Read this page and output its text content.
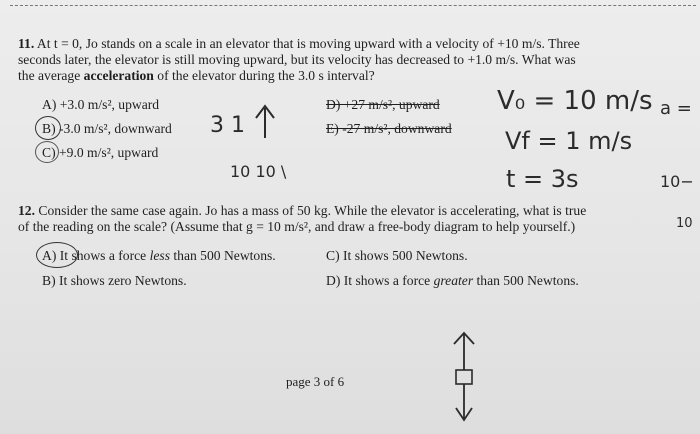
11. At t = 0, Jo stands on a scale in an elevator that is moving upward with a velocity of +10 m/s. Three
seconds later, the elevator is still moving upward, but its velocity has decreased to +1.0 m/s. What was
the average acceleration of the elevator during the 3.0 s interval?
A) +3.0 m/s², upward
B) -3.0 m/s², downward
C) +9.0 m/s², upward
D) +27 m/s², upward
E) -27 m/s², downward
3 1
V₀ = 10 m/s
Vf = 1 m/s
t = 3s
a =
10 10 \
10−
10
12. Consider the same case again. Jo has a mass of 50 kg. While the elevator is accelerating, what is true
of the reading on the scale? (Assume that g = 10 m/s², and draw a free-body diagram to help yourself.)
A) It shows a force less than 500 Newtons.	C) It shows 500 Newtons.
B) It shows zero Newtons.	D) It shows a force greater than 500 Newtons.
page 3 of 6
